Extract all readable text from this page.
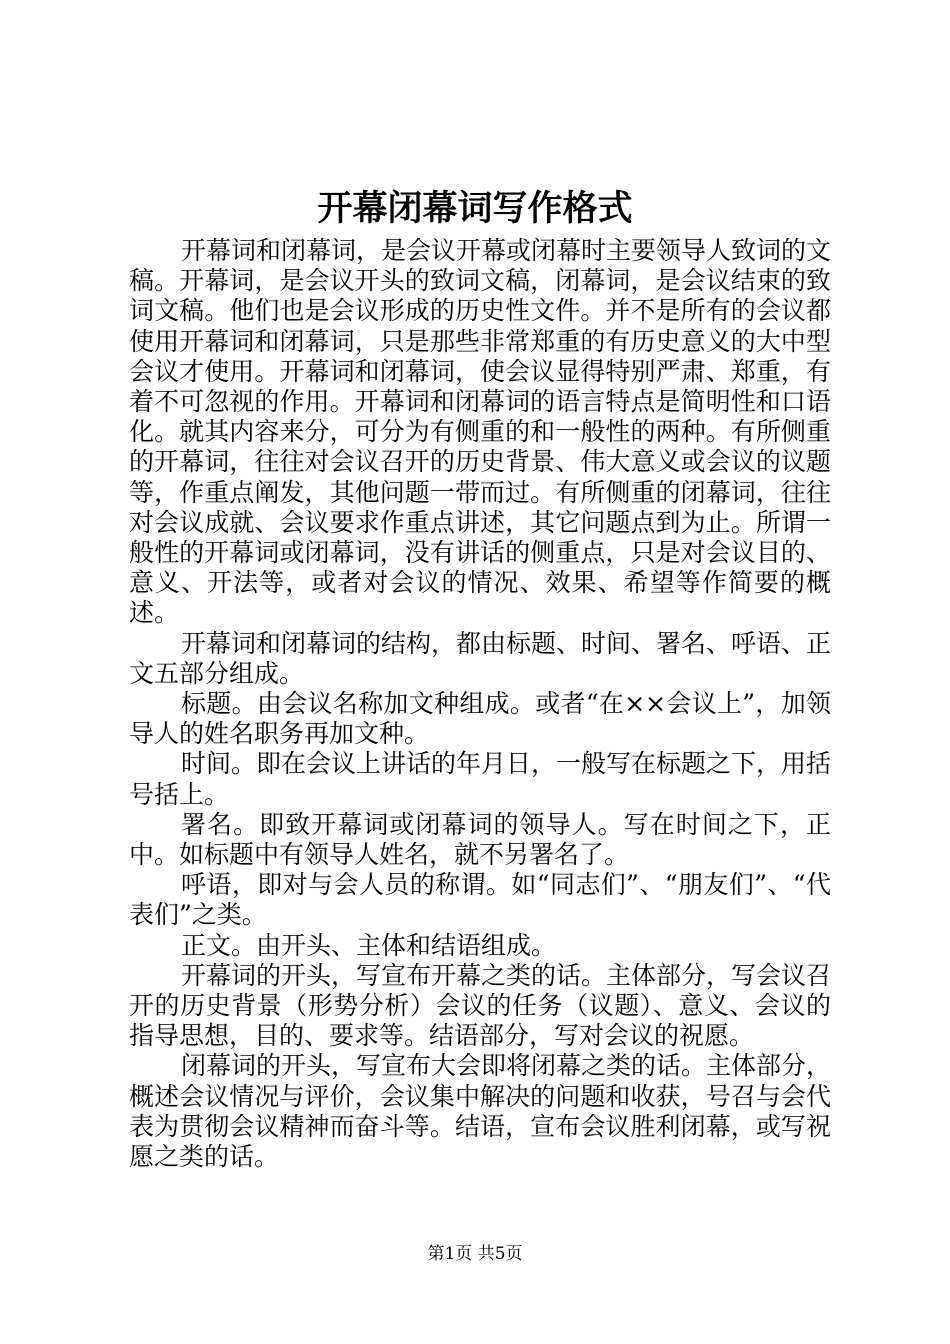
开幕闭幕词写作格式

开幕词和闭幕词，是会议开幕或闭幕时主要领导人致词的文稿。开幕词，是会议开头的致词文稿，闭幕词，是会议结束的致词文稿。他们也是会议形成的历史性文件。并不是所有的会议都使用开幕词和闭幕词，只是那些非常郑重的有历史意义的大中型会议才使用。开幕词和闭幕词，使会议显得特别严肃、郑重，有着不可忽视的作用。开幕词和闭幕词的语言特点是简明性和口语化。就其内容来分，可分为有侧重的和一般性的两种。有所侧重的开幕词，往往对会议召开的历史背景、伟大意义或会议的议题等，作重点阐发，其他问题一带而过。有所侧重的闭幕词，往往对会议成就、会议要求作重点讲述，其它问题点到为止。所谓一般性的开幕词或闭幕词，没有讲话的侧重点，只是对会议目的、意义、开法等，或者对会议的情况、效果、希望等作简要的概述。

开幕词和闭幕词的结构，都由标题、时间、署名、呼语、正文五部分组成。

标题。由会议名称加文种组成。或者“在××会议上”，加领导人的姓名职务再加文种。

时间。即在会议上讲话的年月日，一般写在标题之下，用括号括上。

署名。即致开幕词或闭幕词的领导人。写在时间之下，正中。如标题中有领导人姓名，就不另署名了。

呼语，即对与会人员的称谓。如“同志们”、“朋友们”、“代表们”之类。

正文。由开头、主体和结语组成。

开幕词的开头，写宣布开幕之类的话。主体部分，写会议召开的历史背景（形势分析）会议的任务（议题）、意义、会议的指导思想，目的、要求等。结语部分，写对会议的祝愿。

闭幕词的开头，写宣布大会即将闭幕之类的话。主体部分，概述会议情况与评价，会议集中解决的问题和收获，号召与会代表为贯彻会议精神而奋斗等。结语，宣布会议胜利闭幕，或写祝愿之类的话。

第1页 共5页
